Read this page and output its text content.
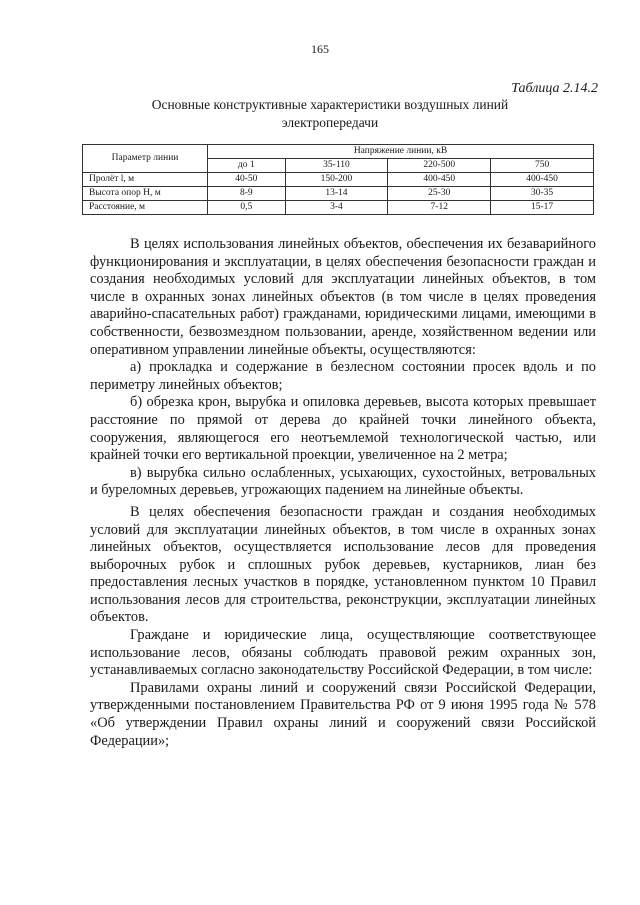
165
Таблица 2.14.2
Основные конструктивные характеристики воздушных линий электропередачи
Параметр линии	Напряжение линии, кВ			
	до 1	35-110	220-500	750
Пролёт l, м	40-50	150-200	400-450	400-450
Высота опор H, м	8-9	13-14	25-30	30-35
Расстояние, м	0,5	3-4	7-12	15-17

В целях использования линейных объектов, обеспечения их безаварийного функционирования и эксплуатации, в целях обеспечения безопасности граждан и создания необходимых условий для эксплуатации линейных объектов, в том числе в охранных зонах линейных объектов (в том числе в целях проведения аварийно-спасательных работ) гражданами, юридическими лицами, имеющими в собственности, безвозмездном пользовании, аренде, хозяйственном ведении или оперативном управлении линейные объекты, осуществляются:

а) прокладка и содержание в безлесном состоянии просек вдоль и по периметру линейных объектов;

б) обрезка крон, вырубка и опиловка деревьев, высота которых превышает расстояние по прямой от дерева до крайней точки линейного объекта, сооружения, являющегося его неотъемлемой технологической частью, или крайней точки его вертикальной проекции, увеличенное на 2 метра;

в) вырубка сильно ослабленных, усыхающих, сухостойных, ветровальных и буреломных деревьев, угрожающих падением на линейные объекты.

В целях обеспечения безопасности граждан и создания необходимых условий для эксплуатации линейных объектов, в том числе в охранных зонах линейных объектов, осуществляется использование лесов для проведения выборочных рубок и сплошных рубок деревьев, кустарников, лиан без предоставления лесных участков в порядке, установленном пунктом 10 Правил использования лесов для строительства, реконструкции, эксплуатации линейных объектов.

Граждане и юридические лица, осуществляющие соответствующее использование лесов, обязаны соблюдать правовой режим охранных зон, устанавливаемых согласно законодательству Российской Федерации, в том числе:

Правилами охраны линий и сооружений связи Российской Федерации, утвержденными постановлением Правительства РФ от 9 июня 1995 года № 578 «Об утверждении Правил охраны линий и сооружений связи Российской Федерации»;
